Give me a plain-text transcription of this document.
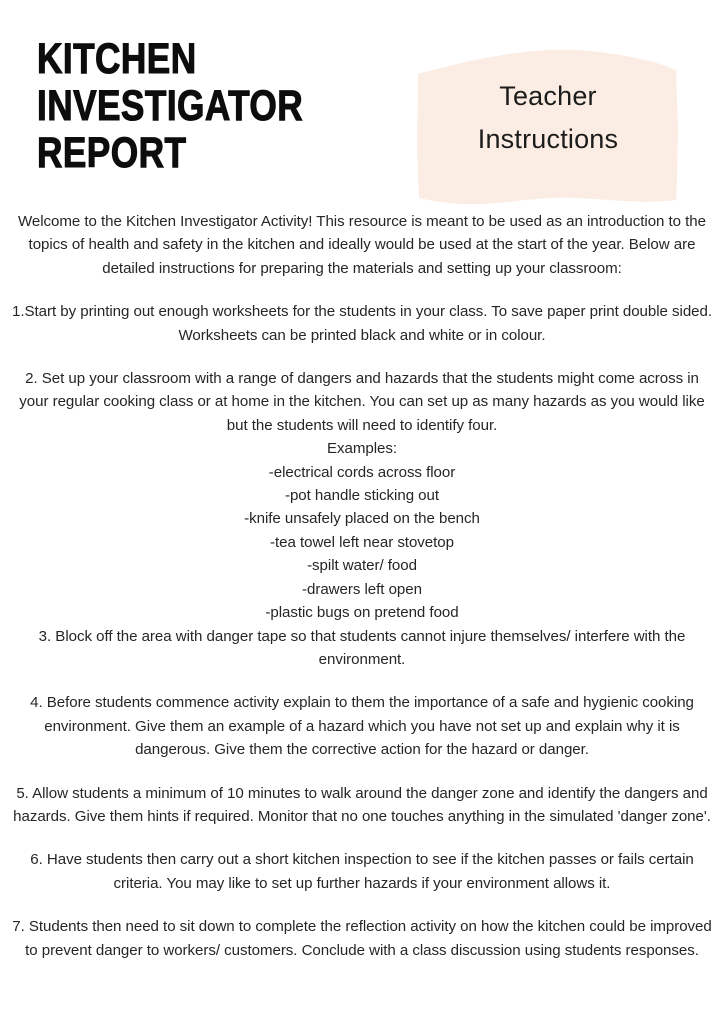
KITCHEN
INVESTIGATOR
REPORT
Teacher
Instructions

Welcome to the Kitchen Investigator Activity! This resource is meant to be used as an introduction to the topics of health and safety in the kitchen and ideally would be used at the start of the year. Below are detailed instructions for preparing the materials and setting up your classroom:

1.Start by printing out enough worksheets for the students in your class. To save paper print double sided. Worksheets can be printed black and white or in colour.

2. Set up your classroom with a range of dangers and hazards that the students might come across in your regular cooking class or at home in the kitchen. You can set up as many hazards as you would like but the students will need to identify four.

Examples:

-electrical cords across floor
-pot handle sticking out
-knife unsafely placed on the bench
-tea towel left near stovetop
-spilt water/ food
-drawers left open
-plastic bugs on pretend food

3. Block off the area with danger tape so that students cannot injure themselves/ interfere with the environment.

4. Before students commence activity explain to them the importance of a safe and hygienic cooking environment. Give them an example of a hazard which you have not set up and explain why it is dangerous. Give them the corrective action for the hazard or danger.

5. Allow students a minimum of 10 minutes to walk around the danger zone and identify the dangers and hazards. Give them hints if required. Monitor that no one touches anything in the simulated 'danger zone'.

6. Have students then carry out a short kitchen inspection to see if the kitchen passes or fails certain criteria. You may like to set up further hazards if your environment allows it.

7. Students then need to sit down to complete the reflection activity on how the kitchen could be improved to prevent danger to workers/ customers. Conclude with a class discussion using students responses.
